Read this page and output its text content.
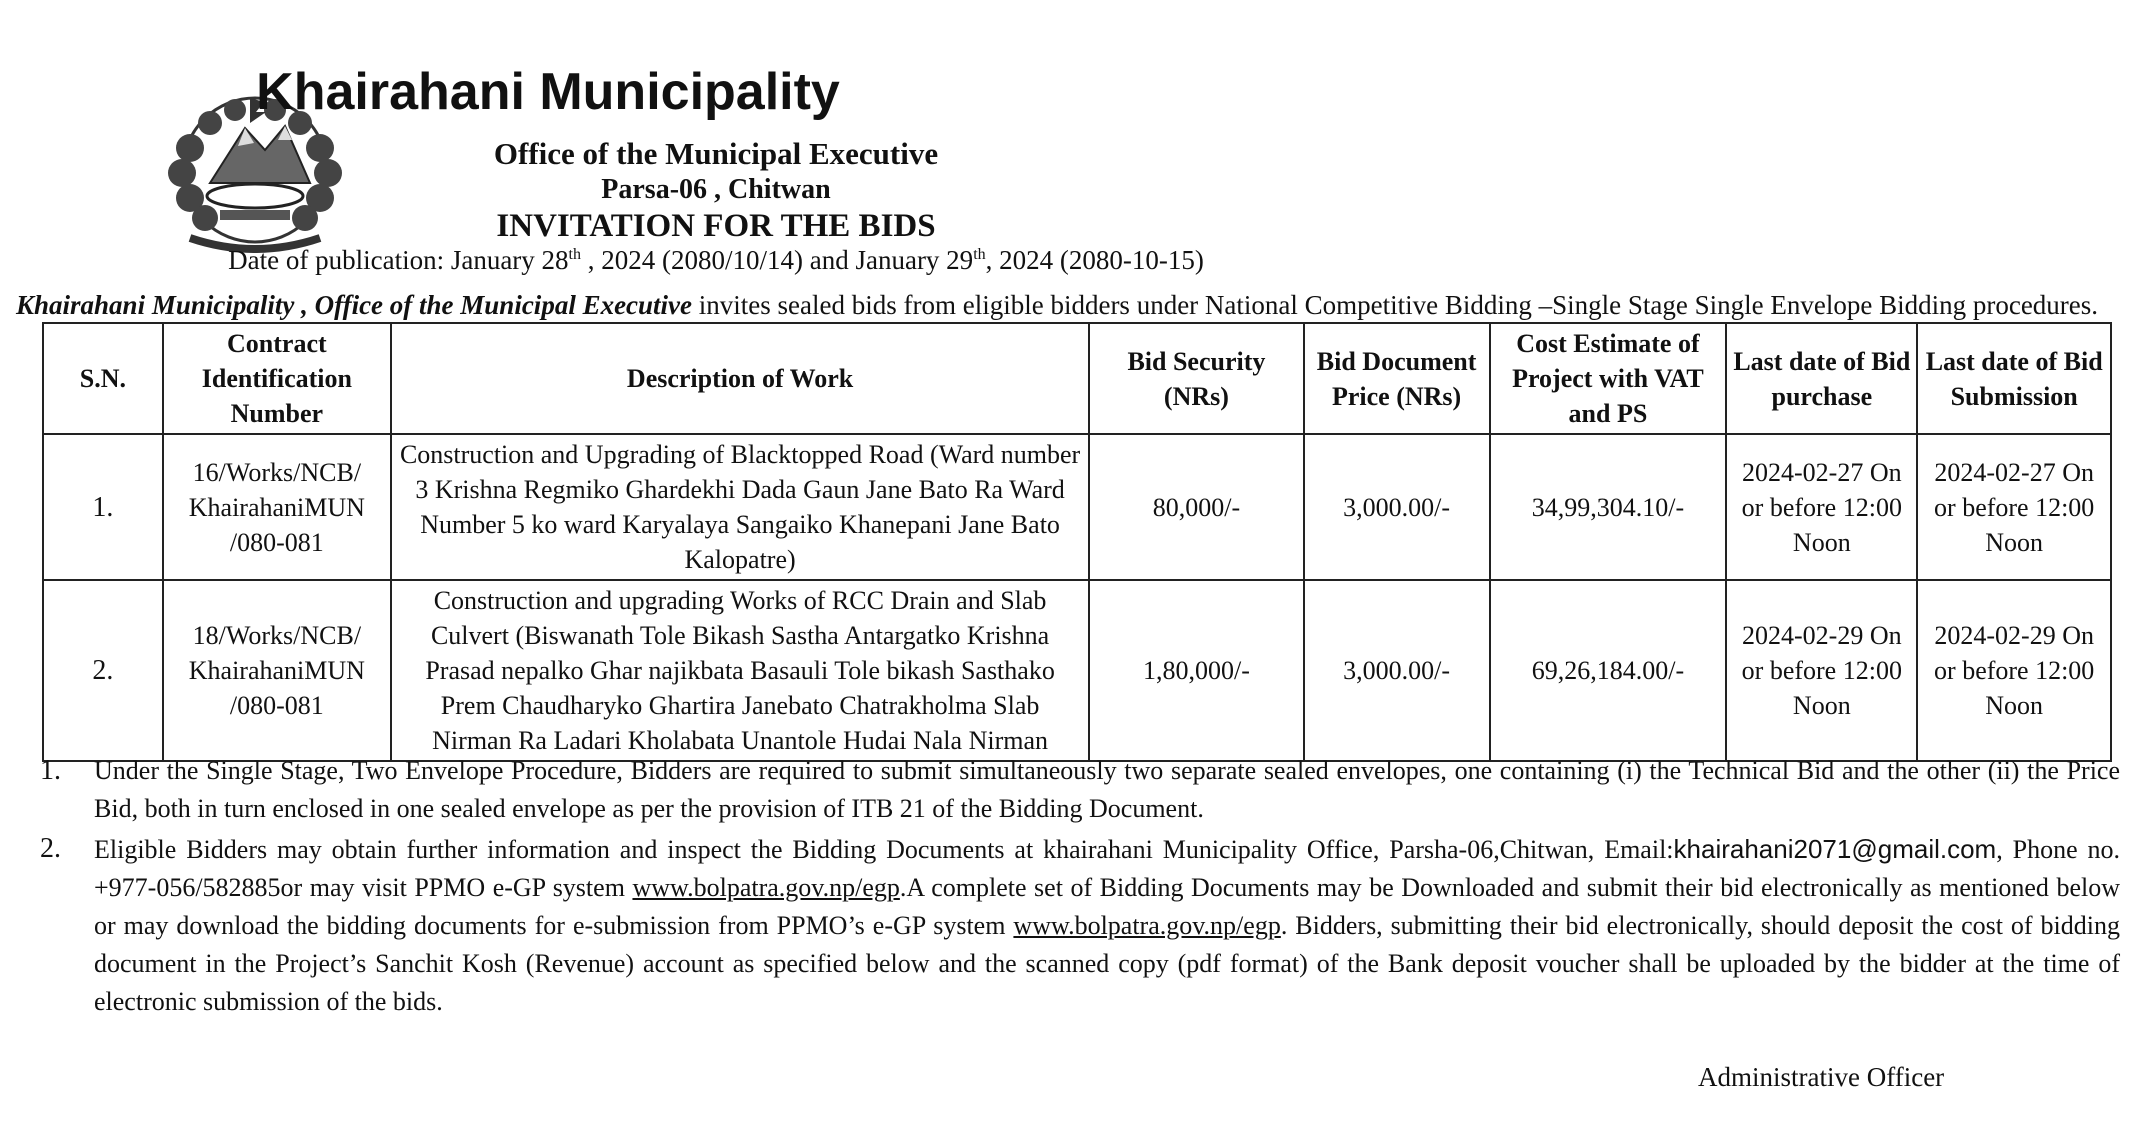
Khairahani Municipality
Office of the Municipal Executive
Parsa-06 , Chitwan
INVITATION FOR THE BIDS
Date of publication: January 28th , 2024 (2080/10/14) and January 29th, 2024 (2080-10-15)
Khairahani Municipality , Office of the Municipal Executive invites sealed bids from eligible bidders under National Competitive Bidding –Single Stage Single Envelope Bidding procedures.
S.N.	Contract Identification Number	Description of Work	Bid Security (NRs)	Bid Document Price (NRs)	Cost Estimate of Project with VAT and PS	Last date of Bid purchase	Last date of Bid Submission
1.	16/Works/NCB/ KhairahaniMUN /080-081	Construction and Upgrading of Blacktopped Road (Ward number 3 Krishna Regmiko Ghardekhi Dada Gaun Jane Bato Ra Ward Number 5 ko ward Karyalaya Sangaiko Khanepani Jane Bato Kalopatre)	80,000/-	3,000.00/-	34,99,304.10/-	2024-02-27 On or before 12:00 Noon	2024-02-27 On or before 12:00 Noon
2.	18/Works/NCB/ KhairahaniMUN /080-081	Construction and upgrading Works of RCC Drain and Slab Culvert (Biswanath Tole Bikash Sastha Antargatko Krishna Prasad nepalko Ghar najikbata Basauli Tole bikash Sasthako Prem Chaudharyko Ghartira Janebato Chatrakholma Slab Nirman Ra Ladari Kholabata Unantole Hudai Nala Nirman	1,80,000/-	3,000.00/-	69,26,184.00/-	2024-02-29 On or before 12:00 Noon	2024-02-29 On or before 12:00 Noon
1.	Under the Single Stage, Two Envelope Procedure, Bidders are required to submit simultaneously two separate sealed envelopes, one containing (i) the Technical Bid and the other (ii) the Price Bid, both in turn enclosed in one sealed envelope as per the provision of ITB 21 of the Bidding Document.
2.	Eligible Bidders may obtain further information and inspect the Bidding Documents at khairahani Municipality Office, Parsha-06,Chitwan, Email:khairahani2071@gmail.com, Phone no. +977-056/582885or may visit PPMO e-GP system www.bolpatra.gov.np/egp.A complete set of Bidding Documents may be Downloaded and submit their bid electronically as mentioned below or may download the bidding documents for e-submission from PPMO’s e-GP system www.bolpatra.gov.np/egp. Bidders, submitting their bid electronically, should deposit the cost of bidding document in the Project’s Sanchit Kosh (Revenue) account as specified below and the scanned copy (pdf format) of the Bank deposit voucher shall be uploaded by the bidder at the time of electronic submission of the bids.
Administrative Officer
